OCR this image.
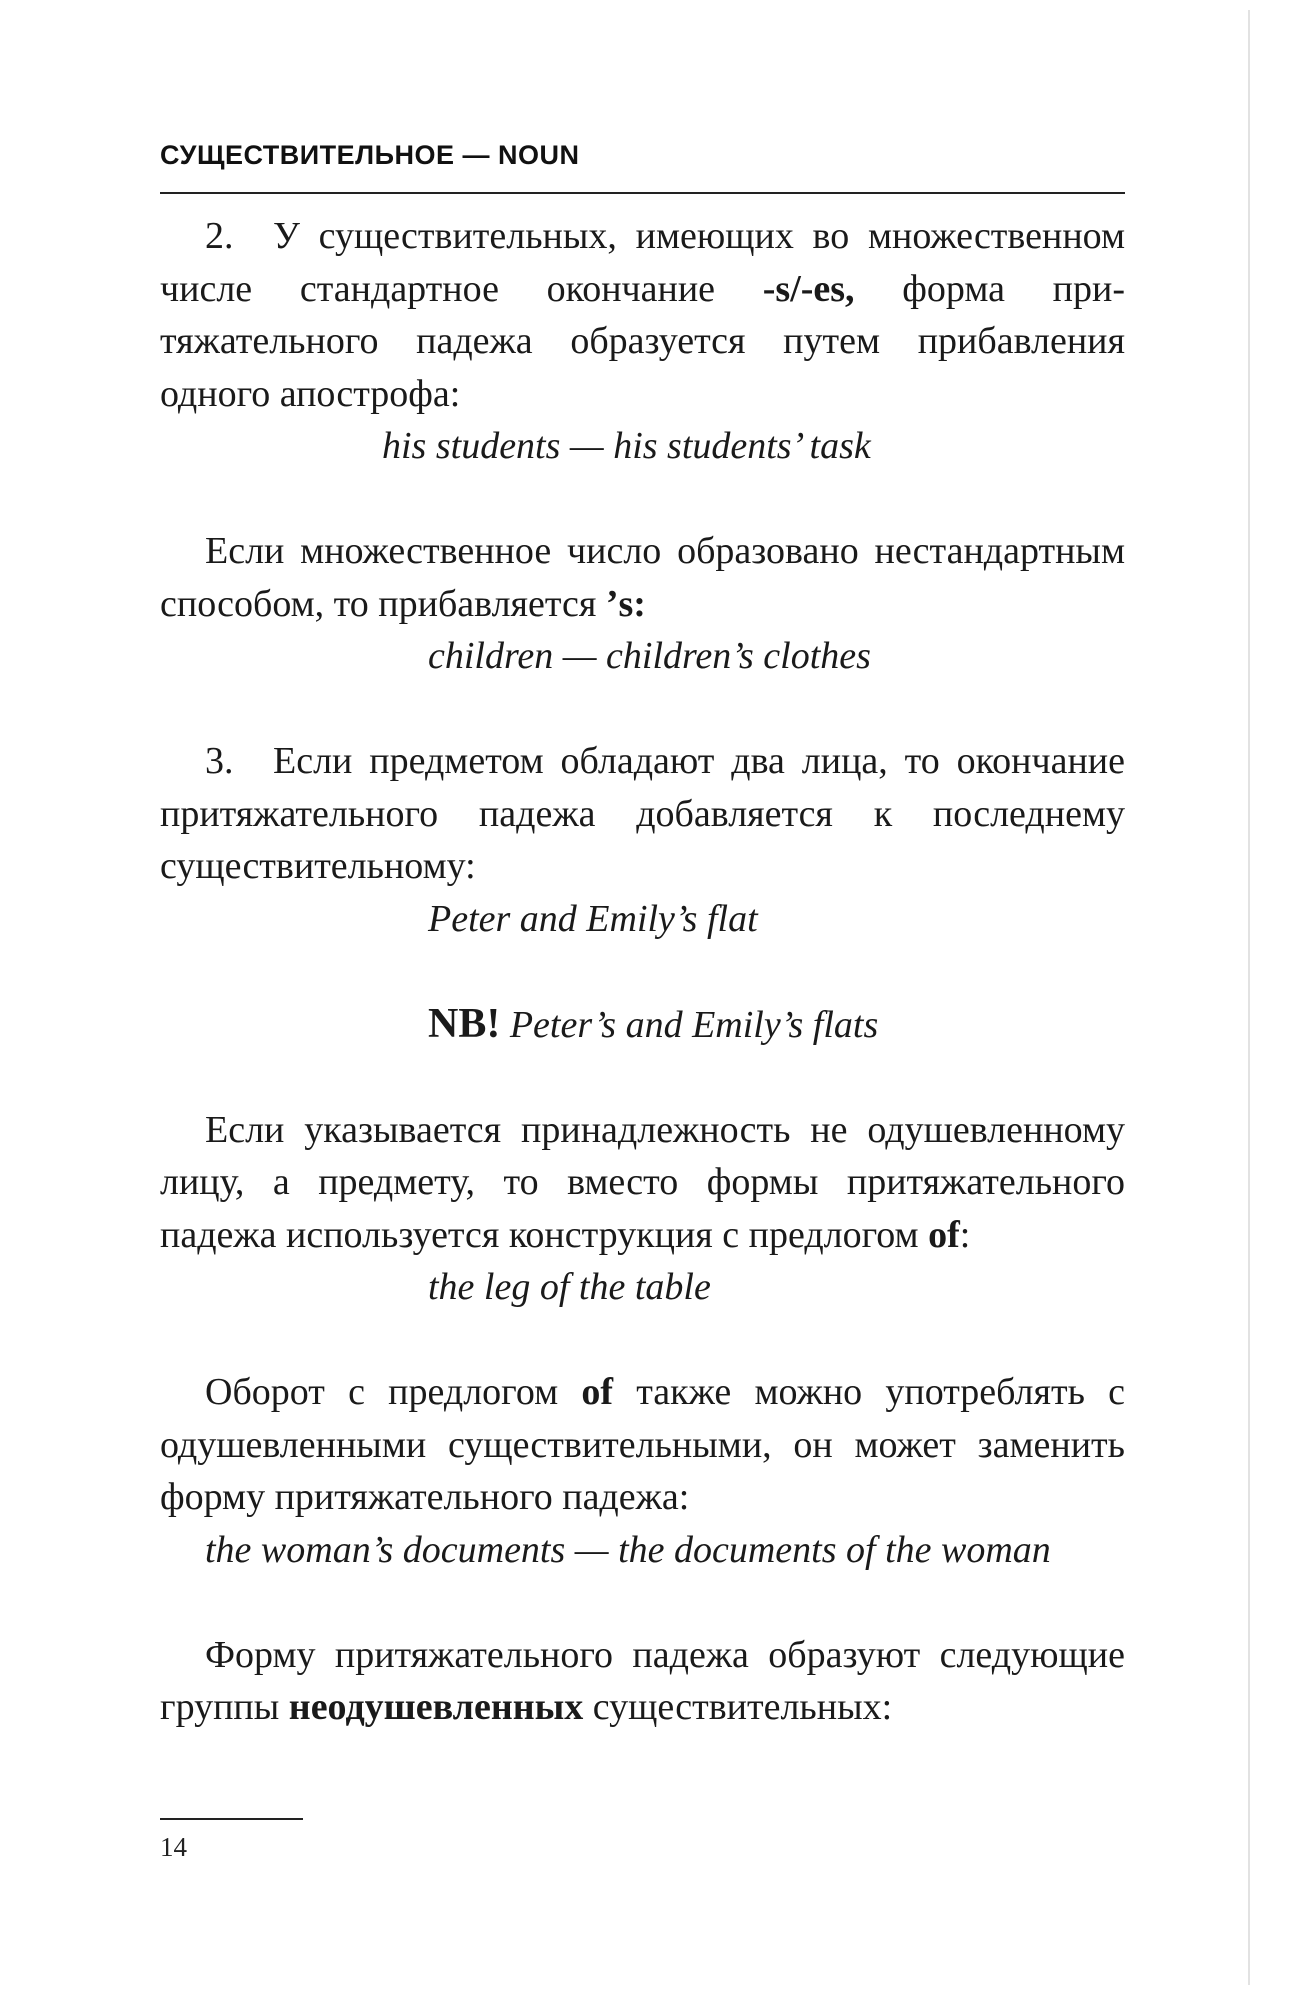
СУЩЕСТВИТЕЛЬНОЕ — NOUN

2. У существительных, имеющих во множественном числе стандартное окончание -s/-es, форма притяжательного падежа образуется путем прибавления одного апострофа:

his students — his students’ task

Если множественное число образовано нестандартным способом, то прибавляется ’s:

children — children’s clothes

3. Если предметом обладают два лица, то окончание притяжательного падежа добавляется к последнему существительному:

Peter and Emily’s flat

NB! Peter’s and Emily’s flats

Если указывается принадлежность не одушевленному лицу, а предмету, то вместо формы притяжательного падежа используется конструкция с предлогом of:

the leg of the table

Оборот с предлогом of также можно употреблять с одушевленными существительными, он может заменить форму притяжательного падежа:

the woman’s documents — the documents of the woman

Форму притяжательного падежа образуют следующие группы неодушевленных существительных:

14
